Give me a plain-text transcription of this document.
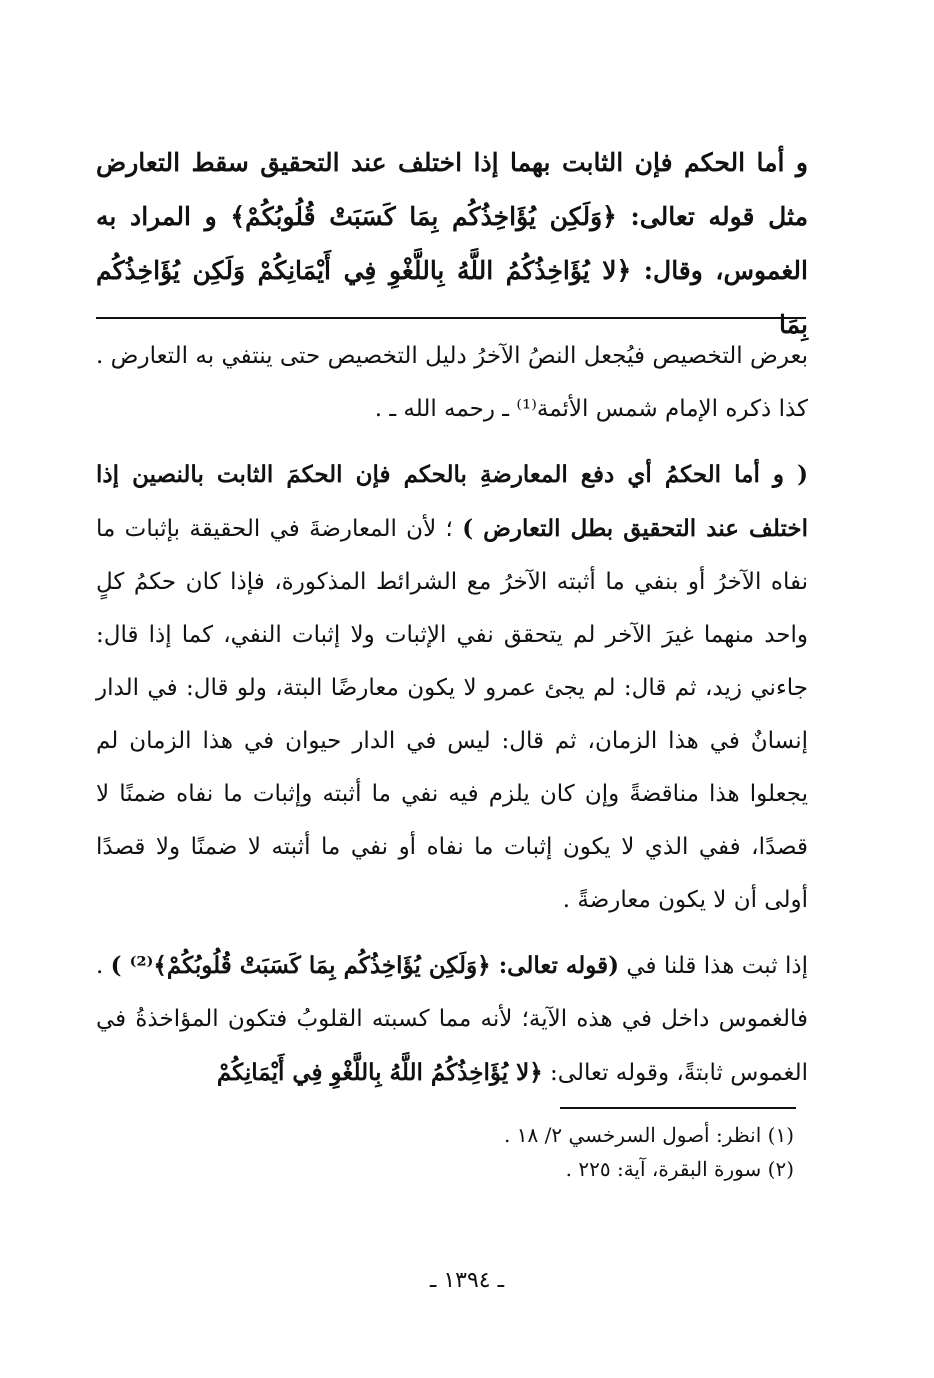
و أما الحكم فإن الثابت بهما إذا اختلف عند التحقيق سقط التعارض
مثل قوله تعالى: ﴿وَلَكِن يُؤَاخِذُكُم بِمَا كَسَبَتْ قُلُوبُكُمْ﴾ و المراد به
الغموس، وقال: ﴿لا يُؤَاخِذُكُمُ اللَّهُ بِاللَّغْوِ فِي أَيْمَانِكُمْ وَلَكِن يُؤَاخِذُكُم بِمَا

بعرض التخصيص فيُجعل النصُ الآخرُ دليل التخصيص حتى ينتفي به التعارض . كذا ذكره الإمام شمس الأئمة⁽¹⁾ ـ رحمه الله ـ .

( و أما الحكمُ أي دفع المعارضةِ بالحكم فإن الحكمَ الثابت بالنصين إذا اختلف عند التحقيق بطل التعارض ) ؛ لأن المعارضةَ في الحقيقة بإثبات ما نفاه الآخرُ أو بنفي ما أثبته الآخرُ مع الشرائط المذكورة، فإذا كان حكمُ كلٍ واحد منهما غيرَ الآخر لم يتحقق نفي الإثبات ولا إثبات النفي، كما إذا قال: جاءني زيد، ثم قال: لم يجئ عمرو لا يكون معارضًا البتة، ولو قال: في الدار إنسانٌ في هذا الزمان، ثم قال: ليس في الدار حيوان في هذا الزمان لم يجعلوا هذا مناقضةً وإن كان يلزم فيه نفي ما أثبته وإثبات ما نفاه ضمنًا لا قصدًا، ففي الذي لا يكون إثبات ما نفاه أو نفي ما أثبته لا ضمنًا ولا قصدًا أولى أن لا يكون معارضةً .

إذا ثبت هذا قلنا في (قوله تعالى: ﴿وَلَكِن يُؤَاخِذُكُم بِمَا كَسَبَتْ قُلُوبُكُمْ﴾⁽²⁾ ) . فالغموس داخل في هذه الآية؛ لأنه مما كسبته القلوبُ فتكون المؤاخذةُ في الغموس ثابتةً، وقوله تعالى: ﴿لا يُؤَاخِذُكُمُ اللَّهُ بِاللَّغْوِ فِي أَيْمَانِكُمْ

(١) انظر: أصول السرخسي ٢/ ١٨ .
(٢) سورة البقرة، آية: ٢٢٥ .
ـ ١٣٩٤ ـ
